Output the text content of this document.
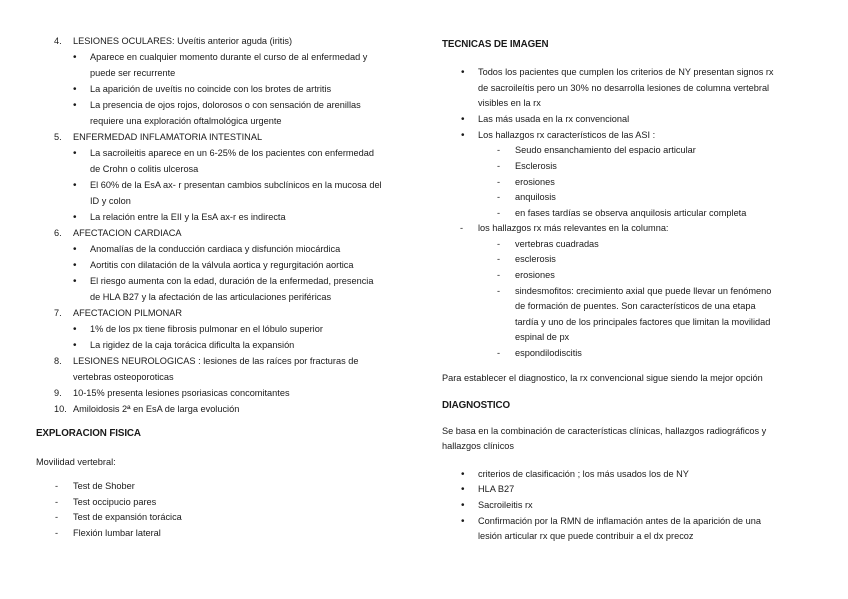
4. LESIONES OCULARES: Uveítis anterior aguda (iritis)
• Aparece en cualquier momento durante el curso de al enfermedad y
puede ser recurrente
• La aparición de uveítis no coincide con los brotes de artritis
• La presencia de ojos rojos, dolorosos o con sensación de arenillas
requiere una exploración oftalmológica urgente
5. ENFERMEDAD INFLAMATORIA INTESTINAL
• La sacroileitis aparece en un 6-25% de los pacientes con enfermedad
de Crohn o colitis ulcerosa
• El 60% de la EsA ax- r presentan cambios subclínicos en la mucosa del
ID y colon
• La relación entre la EII y la EsA ax-r es indirecta
6. AFECTACION CARDIACA
• Anomalías de la conducción cardiaca y disfunción miocárdica
• Aortitis con dilatación de la válvula aortica y regurgitación aortica
• El riesgo aumenta con la edad, duración de la enfermedad, presencia
de HLA B27 y la afectación de las articulaciones periféricas
7. AFECTACION PILMONAR
• 1% de los px tiene fibrosis pulmonar en el lóbulo superior
• La rigidez de la caja torácica dificulta la expansión
8. LESIONES NEUROLOGICAS : lesiones de las raíces por fracturas de
vertebras osteoporoticas
9. 10-15% presenta lesiones psoriasicas concomitantes
10. Amiloidosis 2ª en EsA de larga evolución
EXPLORACION FISICA
Movilidad vertebral:
- Test de Shober
- Test occipucio pares
- Test de expansión torácica
- Flexión lumbar lateral
TECNICAS DE IMAGEN
• Todos los pacientes que cumplen los criterios de NY presentan signos rx
de sacroileítis pero un 30% no desarrolla lesiones de columna vertebral
visibles en la rx
• Las más usada en la rx convencional
• Los hallazgos rx característicos de las ASI :
- Seudo ensanchamiento del espacio articular
- Esclerosis
- erosiones
- anquilosis
- en fases tardías se observa anquilosis articular completa
- los hallazgos rx más relevantes en la columna:
- vertebras cuadradas
- esclerosis
- erosiones
- sindesmofitos: crecimiento axial que puede llevar un fenómeno
de formación de puentes. Son característicos de una etapa
tardía y uno de los principales factores que limitan la movilidad
espinal de px
- espondilodiscitis
Para establecer el diagnostico, la rx convencional sigue siendo la mejor opción
DIAGNOSTICO
Se basa en la combinación de características clínicas, hallazgos radiográficos y
hallazgos clínicos
• criterios de clasificación ; los más usados los de NY
• HLA B27
• Sacroileitis rx
• Confirmación por la RMN de inflamación antes de la aparición de una
lesión articular rx que puede contribuir a el dx precoz
